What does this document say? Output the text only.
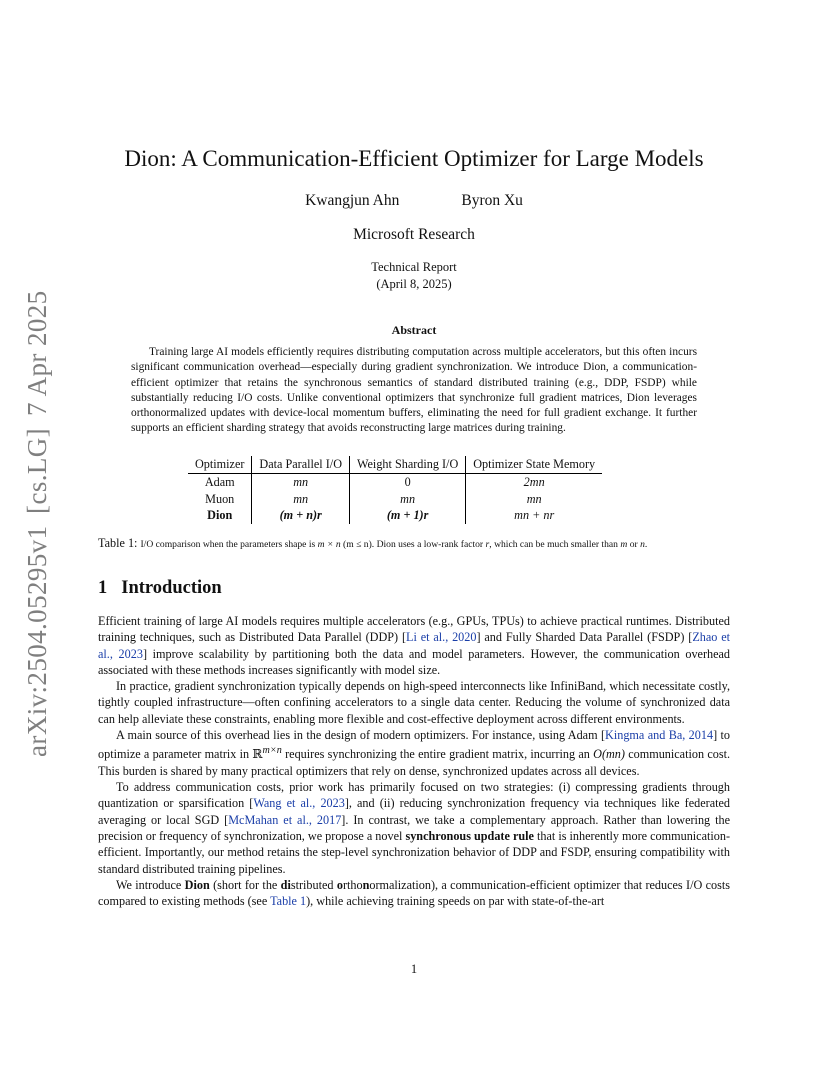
arXiv:2504.05295v1[cs.LG]7 Apr 2025
Dion: A Communication-Efficient Optimizer for Large Models
Kwangjun Ahn	Byron Xu
Microsoft Research
Technical Report
(April 8, 2025)
Abstract

Training large AI models efficiently requires distributing computation across multiple accelerators, but this often incurs significant communication overhead—especially during gradient synchronization. We introduce Dion, a communication-efficient optimizer that retains the synchronous semantics of standard distributed training (e.g., DDP, FSDP) while substantially reducing I/O costs. Unlike conventional optimizers that synchronize full gradient matrices, Dion leverages orthonormalized updates with device-local momentum buffers, eliminating the need for full gradient exchange. It further supports an efficient sharding strategy that avoids reconstructing large matrices during training.

Optimizer	Data Parallel I/O	Weight Sharding I/O	Optimizer State Memory
Adam	mn	0	2mn
Muon	mn	mn	mn
Dion	(m + n)r	(m + 1)r	mn + nr
Table 1: I/O comparison when the parameters shape is m × n (m ≤ n). Dion uses a low-rank factor r, which can be much smaller than m or n.
1 Introduction

Efficient training of large AI models requires multiple accelerators (e.g., GPUs, TPUs) to achieve practical runtimes. Distributed training techniques, such as Distributed Data Parallel (DDP) [Li et al., 2020] and Fully Sharded Data Parallel (FSDP) [Zhao et al., 2023] improve scalability by partitioning both the data and model parameters. However, the communication overhead associated with these methods increases significantly with model size.

In practice, gradient synchronization typically depends on high-speed interconnects like InfiniBand, which necessitate costly, tightly coupled infrastructure—often confining accelerators to a single data center. Reducing the volume of synchronized data can help alleviate these constraints, enabling more flexible and cost-effective deployment across different environments.

A main source of this overhead lies in the design of modern optimizers. For instance, using Adam [Kingma and Ba, 2014] to optimize a parameter matrix in ℝ$^{m\times n}$ requires synchronizing the entire gradient matrix, incurring an O(mn) communication cost. This burden is shared by many practical optimizers that rely on dense, synchronized updates across all devices.

To address communication costs, prior work has primarily focused on two strategies: (i) compressing gradients through quantization or sparsification [Wang et al., 2023], and (ii) reducing synchronization frequency via techniques like federated averaging or local SGD [McMahan et al., 2017]. In contrast, we take a complementary approach. Rather than lowering the precision or frequency of synchronization, we propose a novel synchronous update rule that is inherently more communication-efficient. Importantly, our method retains the step-level synchronization behavior of DDP and FSDP, ensuring compatibility with standard distributed training pipelines.

We introduce Dion (short for the distributed orthonormalization), a communication-efficient optimizer that reduces I/O costs compared to existing methods (see Table 1), while achieving training speeds on par with state-of-the-art

1
